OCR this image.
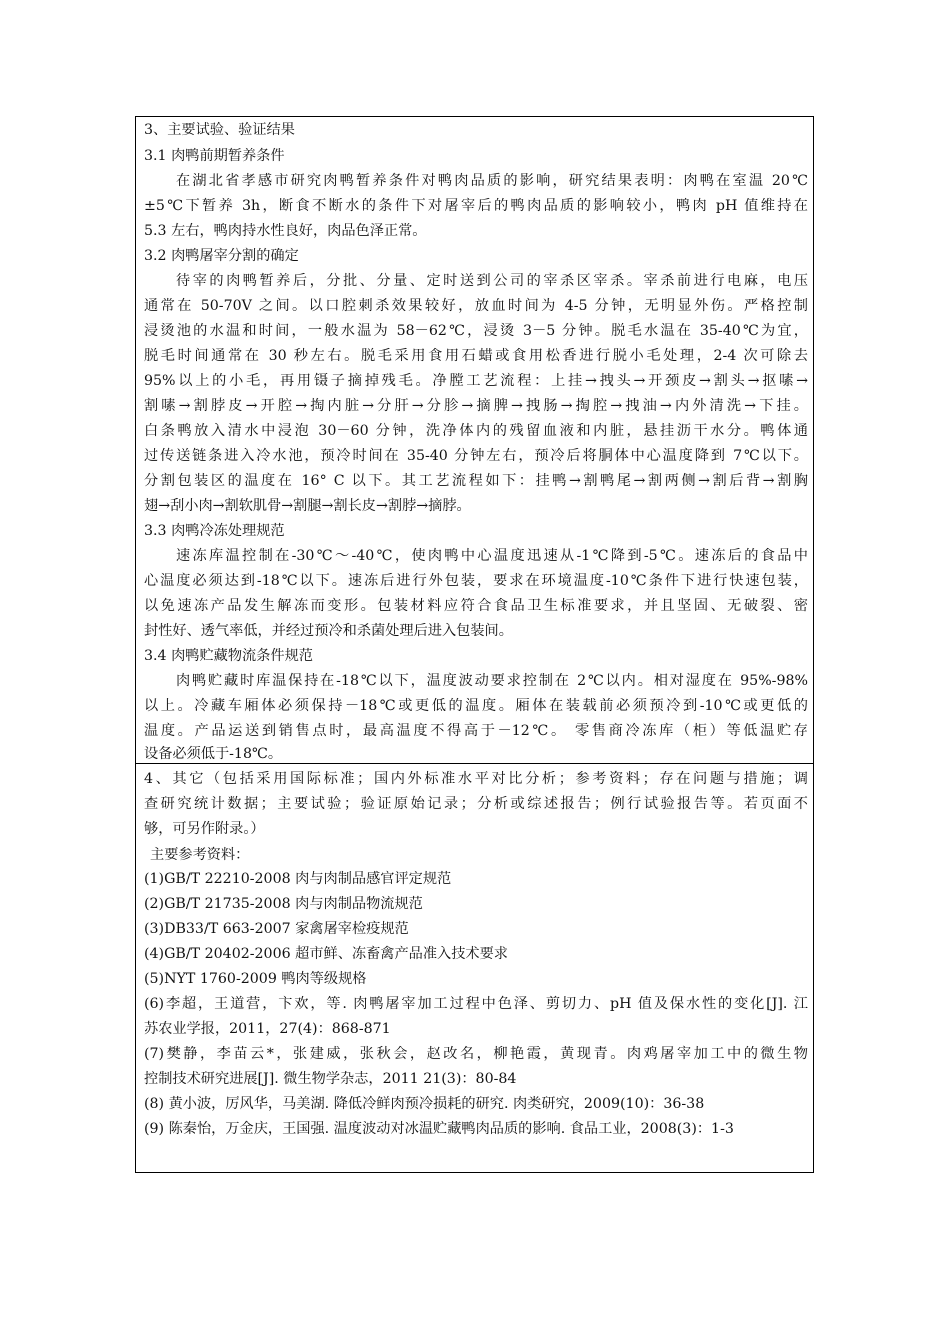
3、主要试验、验证结果
3.1 肉鸭前期暂养条件
在湖北省孝感市研究肉鸭暂养条件对鸭肉品质的影响，研究结果表明：肉鸭在室温 20℃
±5℃下暂养 3h，断食不断水的条件下对屠宰后的鸭肉品质的影响较小，鸭肉 pH 值维持在
5.3 左右，鸭肉持水性良好，肉品色泽正常。
3.2 肉鸭屠宰分割的确定
待宰的肉鸭暂养后，分批、分量、定时送到公司的宰杀区宰杀。宰杀前进行电麻，电压
通常在 50-70V 之间。以口腔刺杀效果较好，放血时间为 4-5 分钟，无明显外伤。严格控制
浸烫池的水温和时间，一般水温为 58－62℃，浸烫 3－5 分钟。脱毛水温在 35-40℃为宜，
脱毛时间通常在 30 秒左右。脱毛采用食用石蜡或食用松香进行脱小毛处理，2-4 次可除去
95%以上的小毛，再用镊子摘掉残毛。净膛工艺流程：上挂→拽头→开颈皮→割头→抠嗉→
割嗉→割脖皮→开腔→掏内脏→分肝→分胗→摘脾→拽肠→掏腔→拽油→内外清洗→下挂。
白条鸭放入清水中浸泡 30－60 分钟，洗净体内的残留血液和内脏，悬挂沥干水分。鸭体通
过传送链条进入冷水池，预冷时间在 35-40 分钟左右，预冷后将胴体中心温度降到 7℃以下。
分割包装区的温度在 16° C 以下。其工艺流程如下：挂鸭→割鸭尾→割两侧→割后背→割胸
翅→刮小肉→割软肌骨→割腿→割长皮→割脖→摘脖。
3.3 肉鸭冷冻处理规范
速冻库温控制在-30℃～-40℃，使肉鸭中心温度迅速从-1℃降到-5℃。速冻后的食品中
心温度必须达到-18℃以下。速冻后进行外包装，要求在环境温度-10℃条件下进行快速包装，
以免速冻产品发生解冻而变形。包装材料应符合食品卫生标准要求，并且坚固、无破裂、密
封性好、透气率低，并经过预冷和杀菌处理后进入包装间。
3.4 肉鸭贮藏物流条件规范
肉鸭贮藏时库温保持在-18℃以下，温度波动要求控制在 2℃以内。相对湿度在 95%-98%
以上。冷藏车厢体必须保持－18℃或更低的温度。厢体在装载前必须预冷到-10℃或更低的
温度。产品运送到销售点时，最高温度不得高于－12℃。 零售商冷冻库（柜）等低温贮存
设备必须低于-18℃。
4、其它（包括采用国际标准；国内外标准水平对比分析；参考资料；存在问题与措施；调
查研究统计数据；主要试验；验证原始记录；分析或综述报告；例行试验报告等。若页面不
够，可另作附录。）
主要参考资料：
(1)GB/T 22210-2008 肉与肉制品感官评定规范
(2)GB/T 21735-2008 肉与肉制品物流规范
(3)DB33/T 663-2007 家禽屠宰检疫规范
(4)GB/T 20402-2006 超市鲜、冻畜禽产品准入技术要求
(5)NYT 1760-2009 鸭肉等级规格
(6)李超，王道营，卞欢，等. 肉鸭屠宰加工过程中色泽、剪切力、pH 值及保水性的变化[J]. 江
苏农业学报，2011，27(4)：868-871
(7)樊静，李苗云*，张建威，张秋会，赵改名，柳艳霞，黄现青。肉鸡屠宰加工中的微生物
控制技术研究进展[J]. 微生物学杂志，2011 21(3)：80-84
(8) 黄小波，厉风华，马美湖. 降低冷鲜肉预冷损耗的研究. 肉类研究，2009(10)：36-38
(9) 陈秦怡，万金庆，王国强. 温度波动对冰温贮藏鸭肉品质的影响. 食品工业，2008(3)：1-3
